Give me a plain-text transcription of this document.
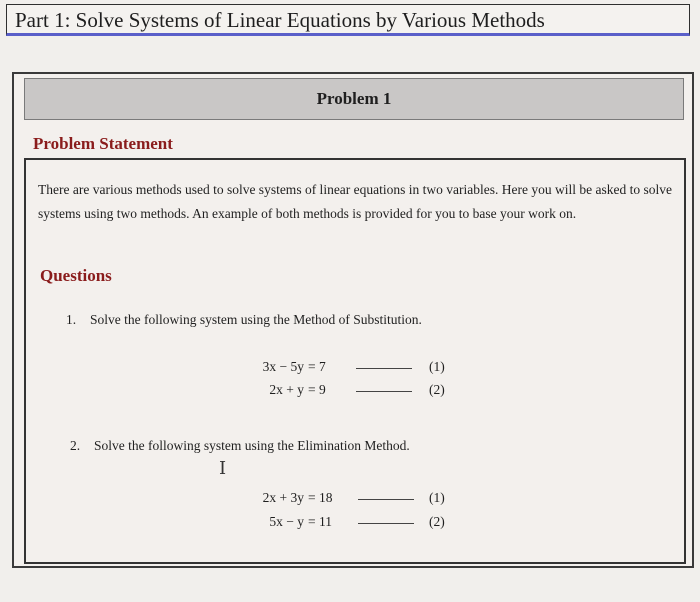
Part 1: Solve Systems of Linear Equations by Various Methods
Problem 1
Problem Statement
There are various methods used to solve systems of linear equations in two variables. Here you will be asked to solve systems using two methods. An example of both methods is provided for you to base your work on.
Questions
1. Solve the following system using the Method of Substitution.
3x − 5y = 7	(1)
2x + y = 9	(2)
2. Solve the following system using the Elimination Method.
Ⅰ
2x + 3y = 18	(1)
5x − y = 11	(2)
